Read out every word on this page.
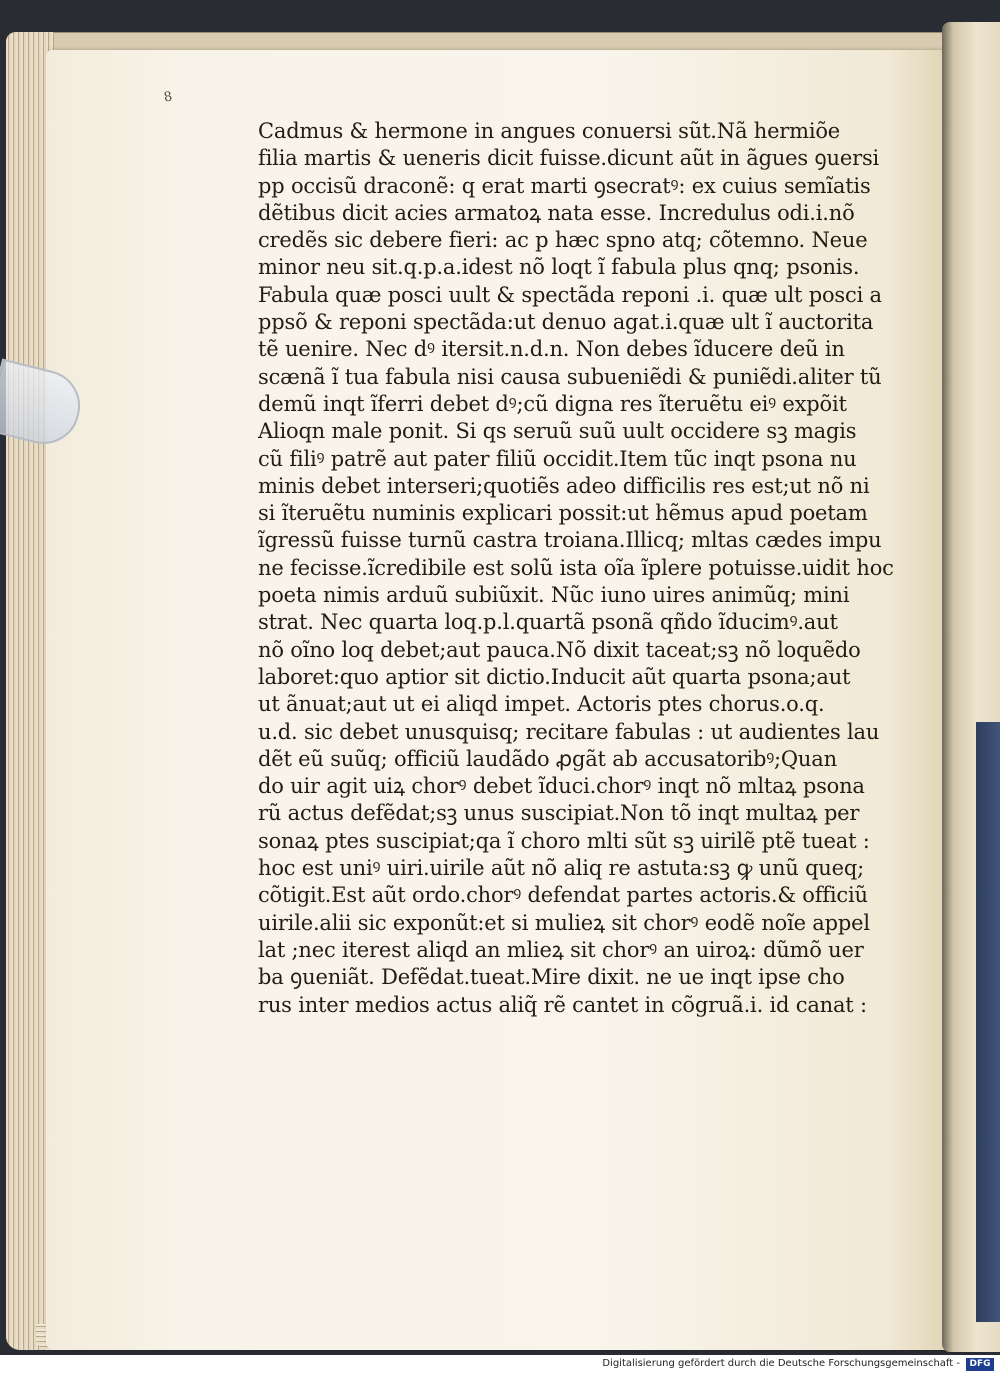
8
Cadmus & hermone in angues conuersi sũt.Nã hermiõe
filia martis & ueneris dicit fuisse.dicunt aũt in ãgues ꝯuersi
pp occisũ draconẽ: q erat marti ꝯsecratꝰ: ex cuius semĩatis
dẽtibus dicit acies armatoꝝ nata esse. Incredulus odi.i.nõ
credẽs sic debere fieri: ac p hæc spno atq; cõtemno. Neue
minor neu sit.q.p.a.idest nõ loqt ĩ fabula plus qnq; psonis.
Fabula quæ posci uult & spectãda reponi .i. quæ ult posci a
ppsõ & reponi spectãda:ut denuo agat.i.quæ ult ĩ auctorita
tẽ uenire. Nec dꝰ itersit.n.d.n. Non debes ĩducere deũ in
scænã ĩ tua fabula nisi causa subueniẽdi & puniẽdi.aliter tũ
demũ inqt ĩferri debet dꝰ;cũ digna res ĩteruẽtu eiꝰ expõit
Alioqn male ponit. Si qs seruũ suũ uult occidere sꝫ magis
cũ filiꝰ patrẽ aut pater filiũ occidit.Item tũc inqt psona nu
minis debet interseri;quotiẽs adeo difficilis res est;ut nõ ni
si ĩteruẽtu numinis explicari possit:ut hẽmus apud poetam
ĩgressũ fuisse turnũ castra troiana.Illicq; mltas cædes impu
ne fecisse.ĩcredibile est solũ ista oĩa ĩplere potuisse.uidit hoc
poeta nimis arduũ subiũxit. Nũc iuno uires animũq; mini
strat. Nec quarta loq.p.l.quartã psonã qñdo ĩducimꝰ.aut
nõ oĩno loq debet;aut pauca.Nõ dixit taceat;sꝫ nõ loquẽdo
laboret:quo aptior sit dictio.Inducit aũt quarta psona;aut
ut ãnuat;aut ut ei aliqd impet. Actoris ptes chorus.o.q.
u.d. sic debet unusquisq; recitare fabulas : ut audientes lau
dẽt eũ suũq; officiũ laudãdo ꝓgãt ab accusatoribꝰ;Quan
do uir agit uiꝝ chorꝰ debet ĩduci.chorꝰ inqt nõ mltaꝝ psona
rũ actus defẽdat;sꝫ unus suscipiat.Non tõ inqt multaꝝ per
sonaꝝ ptes suscipiat;qa ĩ choro mlti sũt sꝫ uirilẽ ptẽ tueat :
hoc est uniꝰ uiri.uirile aũt nõ aliq re astuta:sꝫ ꝙ unũ queq;
cõtigit.Est aũt ordo.chorꝰ defendat partes actoris.& officiũ
uirile.alii sic exponũt:et si mulieꝝ sit chorꝰ eodẽ noĩe appel
lat ;nec iterest aliqd an mlieꝝ sit chorꝰ an uiroꝝ: dũmõ uer
ba ꝯueniãt. Defẽdat.tueat.Mire dixit. ne ue inqt ipse cho
rus inter medios actus aliq̃ rẽ cantet in cõgruã.i. id canat :
Digitalisierung gefördert durch die Deutsche Forschungsgemeinschaft -	DFG
